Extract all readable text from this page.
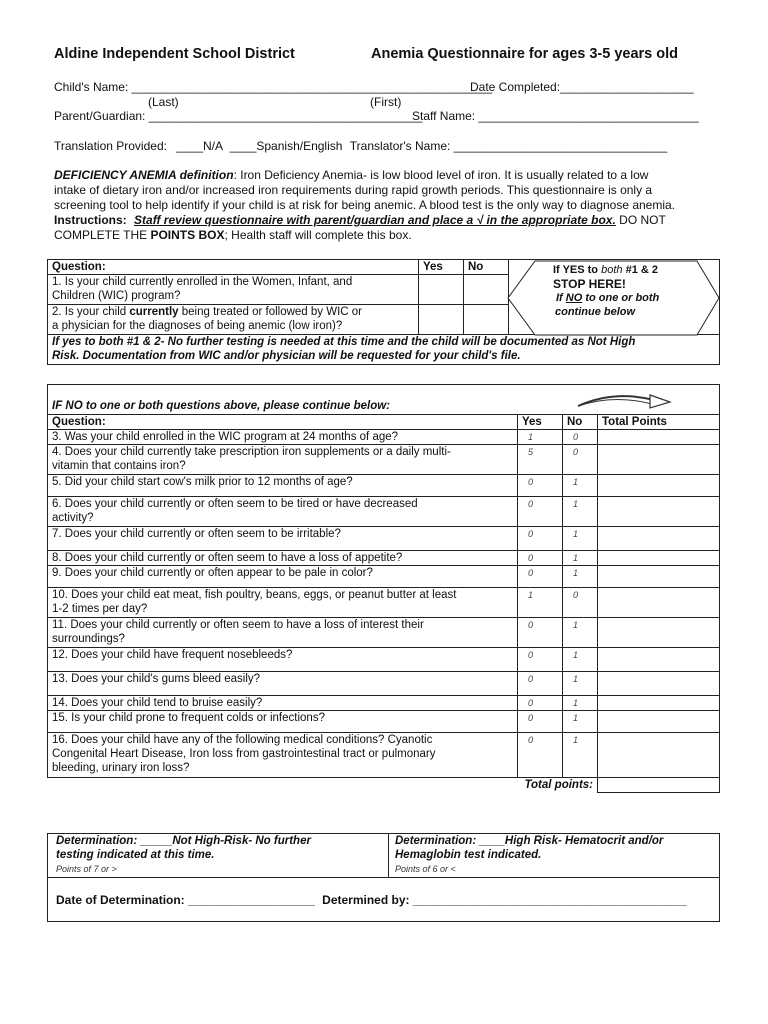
Aldine Independent School District	Anemia Questionnaire for ages 3-5 years old
Child's Name: ______________________________________________________
Date Completed:____________________
(Last)	(First)
Parent/Guardian: _________________________________________
Staff Name: _________________________________
Translation Provided: ____N/A ____Spanish/English Translator's Name: ________________________________
DEFICIENCY ANEMIA definition: Iron Deficiency Anemia- is low blood level of iron. It is usually related to a low
intake of dietary iron and/or increased iron requirements during rapid growth periods. This questionnaire is only a
screening tool to help identify if your child is at risk for being anemic. A blood test is the only way to diagnose anemia.
Instructions: Staff review questionnaire with parent/guardian and place a √ in the appropriate box. DO NOT
COMPLETE THE POINTS BOX; Health staff will complete this box.
Question:	Yes	No	
1. Is your child currently enrolled in the Women, Infant, and
Children (WIC) program?			
2. Is your child currently being treated or followed by WIC or
a physician for the diagnoses of being anemic (low iron)?			
If yes to both #1 & 2- No further testing is needed at this time and the child will be documented as Not High
Risk. Documentation from WIC and/or physician will be requested for your child's file.			
If YES to both #1 & 2
STOP HERE!
If NO to one or both
continue below
IF NO to one or both questions above, please continue below:			
Question:	Yes	No	Total Points
3. Was your child enrolled in the WIC program at 24 months of age?	1	0	
4. Does your child currently take prescription iron supplements or a daily multi-
vitamin that contains iron?	5	0	
5. Did your child start cow's milk prior to 12 months of age?	0	1	
6. Does your child currently or often seem to be tired or have decreased
activity?	0	1	
7. Does your child currently or often seem to be irritable?	0	1	
8. Does your child currently or often seem to have a loss of appetite?	0	1	
9. Does your child currently or often appear to be pale in color?	0	1	
10. Does your child eat meat, fish poultry, beans, eggs, or peanut butter at least
1-2 times per day?	1	0	
11. Does your child currently or often seem to have a loss of interest their
surroundings?	0	1	
12. Does your child have frequent nosebleeds?	0	1	
13. Does your child's gums bleed easily?	0	1	
14. Does your child tend to bruise easily?	0	1	
15. Is your child prone to frequent colds or infections?	0	1	
16. Does your child have any of the following medical conditions? Cyanotic
Congenital Heart Disease, Iron loss from gastrointestinal tract or pulmonary
bleeding, urinary iron loss?	0	1	
Total points:			
Determination: _____Not High-Risk- No further
testing indicated at this time.
Points of 7 or >

Determination: ____High Risk- Hematocrit and/or
Hemaglobin test indicated.
Points of 6 or <

Date of Determination: ___________________ Determined by: _________________________________________
